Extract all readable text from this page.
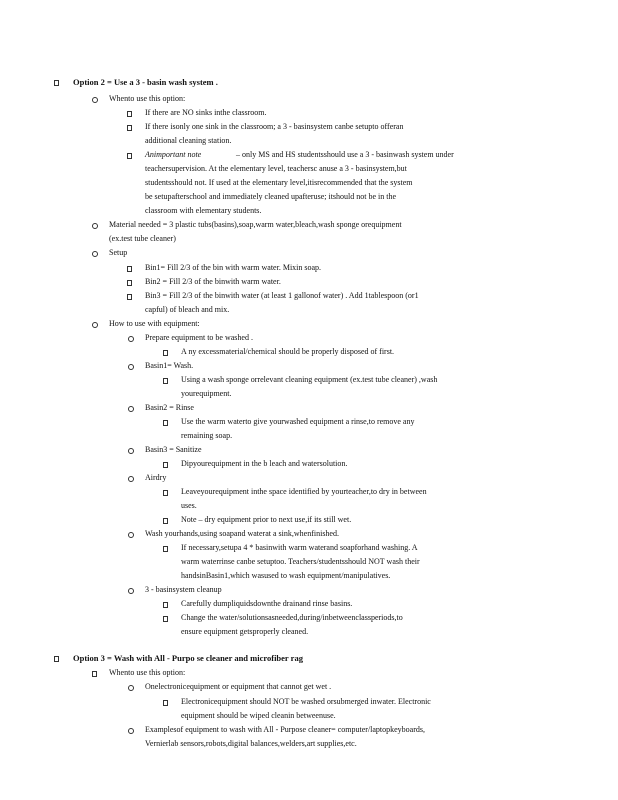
Option 2 = Use a 3 - basin wash system .
Whento use this option:
If there are NO sinks inthe classroom.
If there isonly one sink in the classroom; a 3 - basinsystem canbe setupto offeran
additional cleaning station.
Animportant note	– only MS and HS studentsshould use a 3 - basinwash system under
teachersupervision. At the elementary level, teachersc anuse a 3 - basinsystem,but
studentsshould not. If used at the elementary level,itisrecommended that the system
be setupafterschool and immediately cleaned upafteruse; itshould not be in the
classroom with elementary students.
Material needed = 3 plastic tubs(basins),soap,warm water,bleach,wash sponge orequipment
(ex.test tube cleaner)
Setup
Bin1= Fill 2/3 of the bin with warm water. Mixin soap.
Bin2 = Fill 2/3 of the binwith warm water.
Bin3 = Fill 2/3 of the binwith water (at least 1 gallonof water) . Add 1tablespoon (or1
capful) of bleach and mix.
How to use with equipment:
Prepare equipment to be washed .
A ny excessmaterial/chemical should be properly disposed of first.
Basin1= Wash.
Using a wash sponge orrelevant cleaning equipment (ex.test tube cleaner) ,wash
yourequipment.
Basin2 = Rinse
Use the warm waterto give yourwashed equipment a rinse,to remove any
remaining soap.
Basin3 = Sanitize
Dipyourequipment in the b leach and watersolution.
Airdry
Leaveyourequipment inthe space identified by yourteacher,to dry in between
uses.
Note – dry equipment prior to next use,if its still wet.
Wash yourhands,using soapand waterat a sink,whenfinished.
If necessary,setupa 4 * basinwith warm waterand soapforhand washing. A
warm waterrinse canbe setuptoo. Teachers/studentsshould NOT wash their
handsinBasin1,which wasused to wash equipment/manipulatives.
3 - basinsystem cleanup
Carefully dumpliquidsdownthe drainand rinse basins.
Change the water/solutionsasneeded,during/inbetweenclassperiods,to
ensure equipment getsproperly cleaned.
Option 3 = Wash with All - Purpo se cleaner and microfiber rag
Whento use this option:
Onelectronicequipment or equipment that cannot get wet .
Electronicequipment should NOT be washed orsubmerged inwater. Electronic
equipment should be wiped cleanin betweenuse.
Examplesof equipment to wash with All - Purpose cleaner= computer/laptopkeyboards,
Vernierlab sensors,robots,digital balances,welders,art supplies,etc.
